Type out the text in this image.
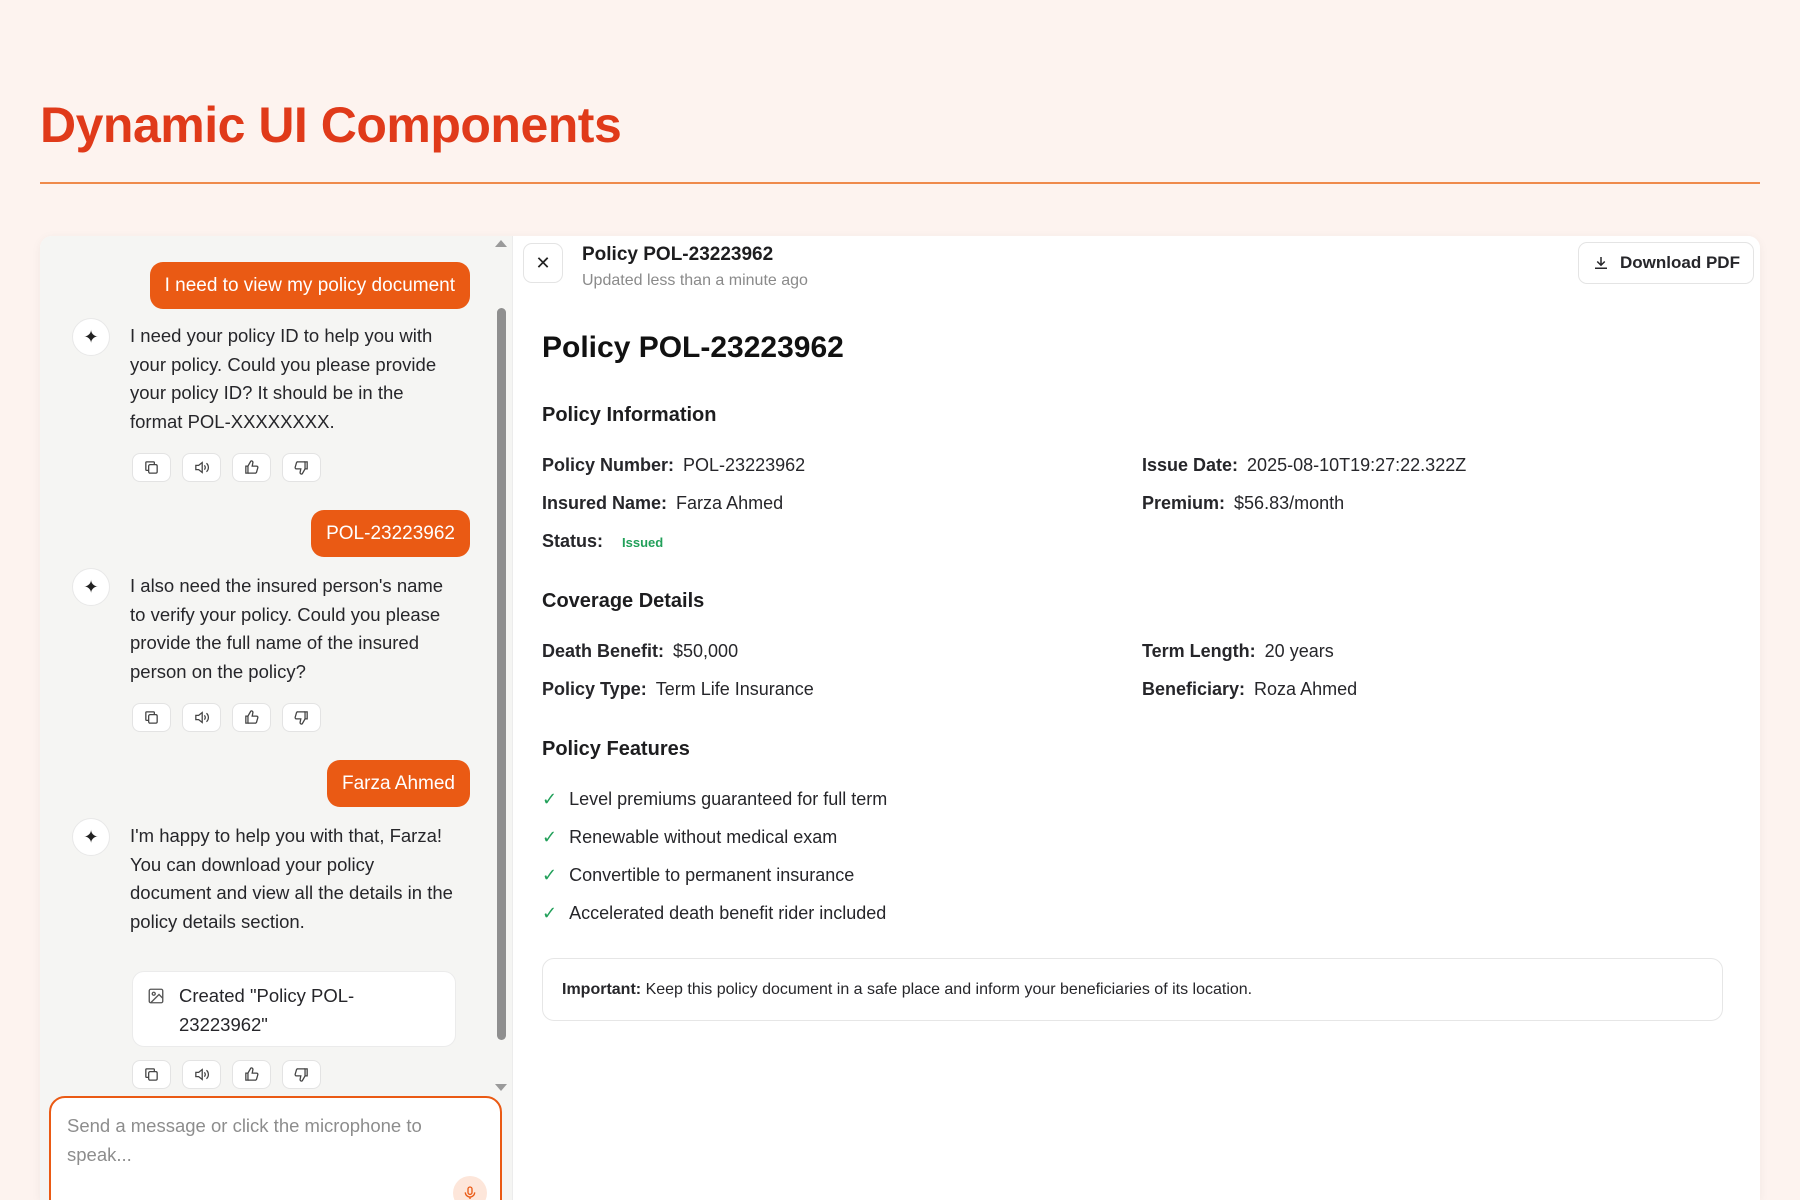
Dynamic UI Components
I need to view my policy document
✦	I need your policy ID to help you with your policy. Could you please provide your policy ID? It should be in the format POL-XXXXXXXX.
POL-23223962
✦	I also need the insured person's name to verify your policy. Could you please provide the full name of the insured person on the policy?
Farza Ahmed
✦	I'm happy to help you with that, Farza! You can download your policy document and view all the details in the policy details section.
Created "Policy POL-23223962"
Send a message or click the microphone to speak...
✕ Policy POL-23223962
Updated less than a minute ago
Download PDF
Policy POL-23223962
Policy Information
Policy Number: POL-23223962	Issue Date: 2025-08-10T19:27:22.322Z
Insured Name: Farza Ahmed	Premium: $56.83/month
Status: Issued
Coverage Details
Death Benefit: $50,000	Term Length: 20 years
Policy Type: Term Life Insurance	Beneficiary: Roza Ahmed
Policy Features
✓ Level premiums guaranteed for full term
✓ Renewable without medical exam
✓ Convertible to permanent insurance
✓ Accelerated death benefit rider included
Important: Keep this policy document in a safe place and inform your beneficiaries of its location.
